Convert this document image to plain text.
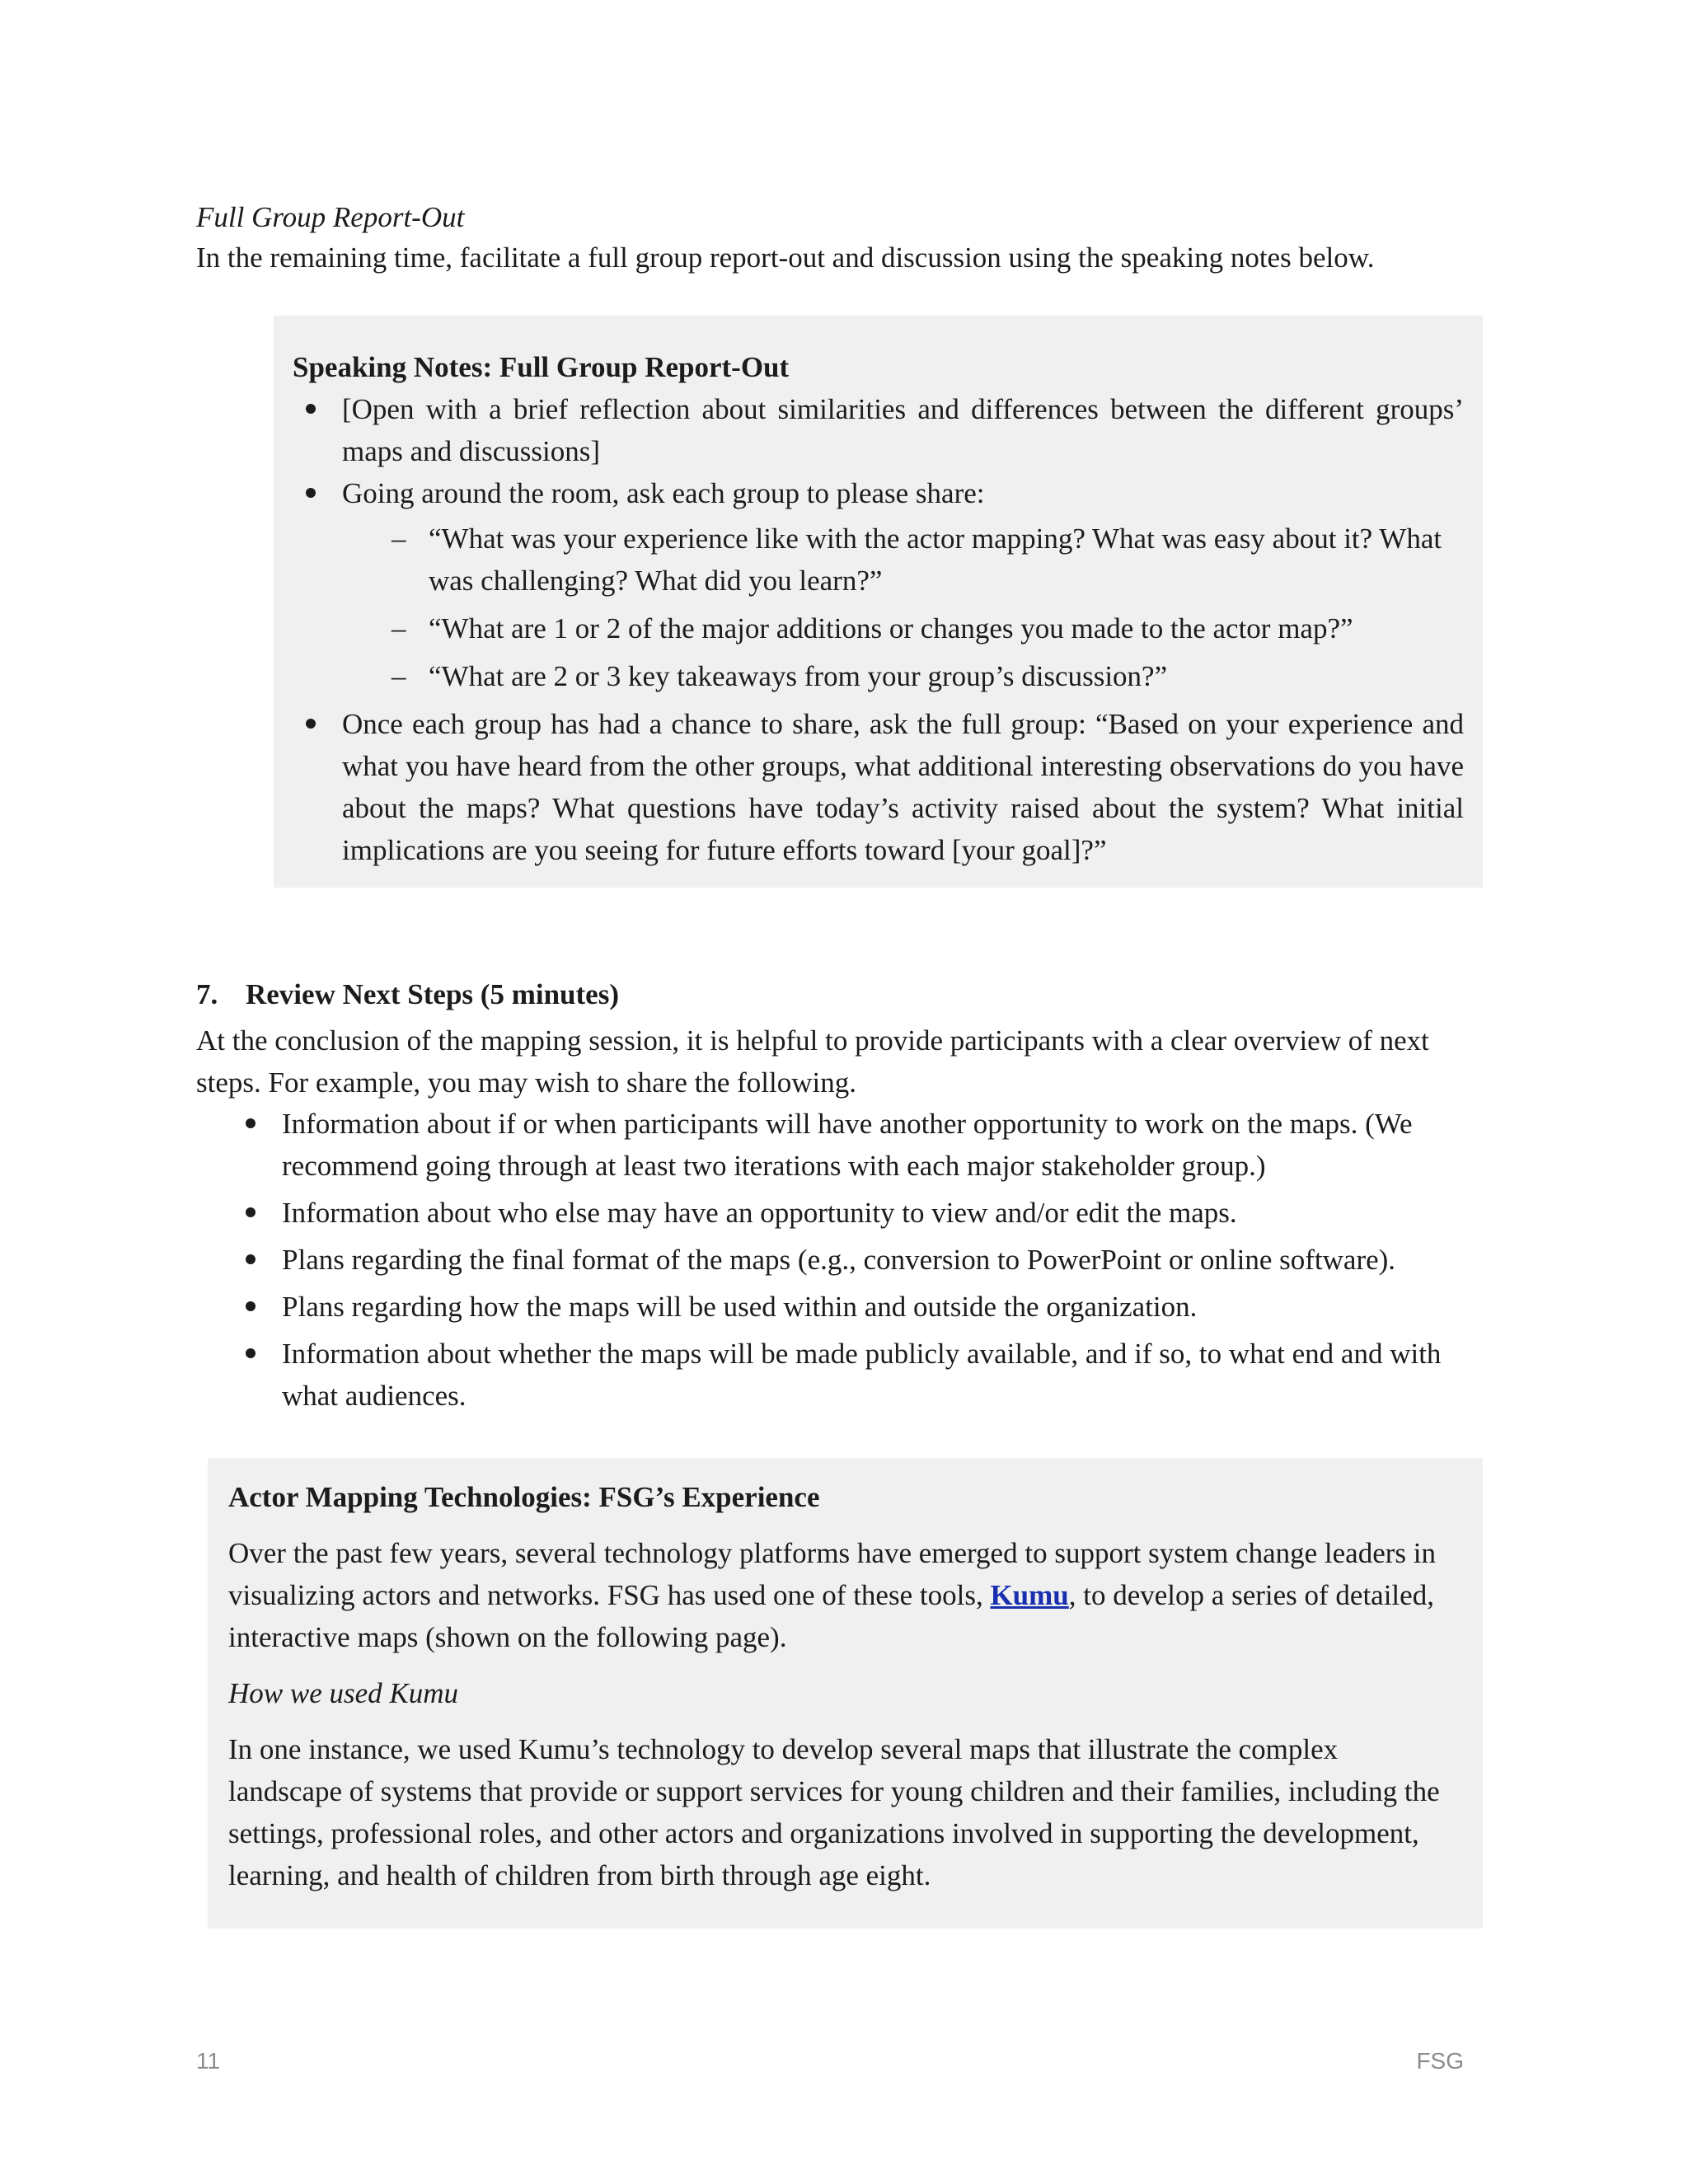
Full Group Report-Out

In the remaining time, facilitate a full group report-out and discussion using the speaking notes below.

Speaking Notes: Full Group Report-Out

[Open with a brief reflection about similarities and differences between the different groups’ maps and discussions]
Going around the room, ask each group to please share:
– “What was your experience like with the actor mapping? What was easy about it? What was challenging? What did you learn?”
– “What are 1 or 2 of the major additions or changes you made to the actor map?”
– “What are 2 or 3 key takeaways from your group’s discussion?”
Once each group has had a chance to share, ask the full group: “Based on your experience and what you have heard from the other groups, what additional interesting observations do you have about the maps? What questions have today’s activity raised about the system? What initial implications are you seeing for future efforts toward [your goal]?”

7. Review Next Steps (5 minutes)

At the conclusion of the mapping session, it is helpful to provide participants with a clear overview of next steps. For example, you may wish to share the following.

Information about if or when participants will have another opportunity to work on the maps. (We recommend going through at least two iterations with each major stakeholder group.)
Information about who else may have an opportunity to view and/or edit the maps.
Plans regarding the final format of the maps (e.g., conversion to PowerPoint or online software).
Plans regarding how the maps will be used within and outside the organization.
Information about whether the maps will be made publicly available, and if so, to what end and with what audiences.

Actor Mapping Technologies: FSG’s Experience

Over the past few years, several technology platforms have emerged to support system change leaders in visualizing actors and networks. FSG has used one of these tools, Kumu, to develop a series of detailed, interactive maps (shown on the following page).

How we used Kumu

In one instance, we used Kumu’s technology to develop several maps that illustrate the complex landscape of systems that provide or support services for young children and their families, including the settings, professional roles, and other actors and organizations involved in supporting the development, learning, and health of children from birth through age eight.

11	FSG
